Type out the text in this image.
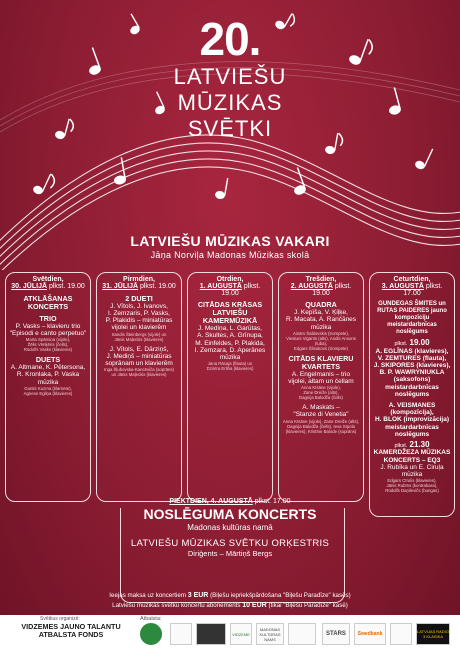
20.
LATVIEŠU
MŪZIKAS
SVĒTKI
LATVIEŠU MŪZIKAS VAKARI
Jāņa Norviļa Madonas Mūzikas skolā
Svētdien,
30. JŪLIJĀ plkst. 19.00
ATKLĀŠANAS KONCERTS
TRIO
P. Vasks – klavieru trio
"Episodi e canto perpetuo"
Marta Spārniņa (vijole),
Žēlis Vēriķēns (čells),
Rūdolfs Vasks (klavieres)
DUETS
A. Altmane, K. Pētersona,
R. Kronlaka, P. Vaska
mūzika
Guntis Kuzma (klarnete),
Agnese Egliņa (klavieres)
Pirmdien,
31. JŪLIJĀ plkst. 19.00
2 DUETI
J. Vītols, J. Ivanovs,
I. Zemzaris, P. Vasks,
P. Plakidis – miniatūras
vijolei un klavierēm
Sandis Šteinbergs (vijole) un
Jānis Maļeckis (klavieres)
J. Vītols, E. Dārziņš,
J. Mediņš – miniatūras
soprānam un klavierēm
Inga Šļubovska-Kancēviča (soprāns)
un Jānis Maļeckis (klavieres)
Otrdien,
1. AUGUSTĀ plkst. 19.00
CITĀDAS KRĀSAS LATVIEŠU KAMERMŪZIKĀ
J. Mediņa, L. Garūtas,
A. Skultes, A. Grīnupa,
M. Einfeldes, P. Plakida,
I. Zemzara, D. Aperānes
mūzika
Jana Rācaja (flauta) un
Dzintra Erliha (klavieres)
Trešdien,
2. AUGUSTĀ plkst. 19.00
QUADRA
J. Kepīša, V. Ķiļķe,
R. Macata, A. Rančānes
mūzika
Ainārs Šablovskis (trompete),
Viesturs Vigants (alts), Andis Ansons (tuba),
Edgars Šlisukovs (trompete)
CITĀDS KLAVIERU KVARTETS
A. Engelmanis – trio
vijolei, altam un čellam
Anna Kīsāne (vijole),
Zane Dreiže (alts),
Dagnija Balodža (čells)
A. Maskats –
"Stanze di Venetia"
Anna Kīsāne (vijole), Zane Dreiže (alts),
Dagnija Balodža (čells), Ieva Sīpola
(klavieres), Kristīne Balode (soprāns)
Ceturtdien,
3. AUGUSTĀ plkst. 17.00
GUNDEGAS ŠMITES un RUTAS PAIDERES jauno kompozīciju meistardarbnīcas noslēgums
plkst. 19.00
A. EGLĪNAS (klavieres),
V. ZEMTURES (flauta),
J. SKIPORES (klavieres),
B. P. WAWRYNIUKLA (saksofons)
meistardarbnīcas noslēgums
A. VEISMANES (kompozīcija),
H. BLOK (improvizācija)
meistardarbnīcas noslēgums
plkst. 21.30
KAMERDŽEZA MŪZIKAS
KONCERTS – EQ3
J. Rubīka un E. Ciruļa
mūzika
Edgars Cīrulis (klavieres),
Jānis Rubīns (kontrabass),
Rūdolfs Daņilevičs (bungas)
PIEKTDIEN, 4. AUGUSTĀ plkst. 17.00
NOSLĒGUMA KONCERTS
Madonas kultūras namā
LATVIEŠU MŪZIKAS SVĒTKU ORĶESTRIS
Diriģents – Mārtiņš Bergs
Ieejas maksa uz koncertiem 3 EUR (Biļešu iepriekšpārdošana "Biļešu Paradīze" kasēs)
Latviešu mūzikas svētku koncertu abonements 10 EUR (tikai "Biļešu Paradīze" kasē)
Svētkus organizē:
VIDZEMES JAUNO TALANTU ATBALSTA FONDS
Atbalsta:
VIDZEME
MADONAS KULTŪRAS NAMS
STARS	Swedbank	LATVIJAS RADIO 3 KLASIKA
